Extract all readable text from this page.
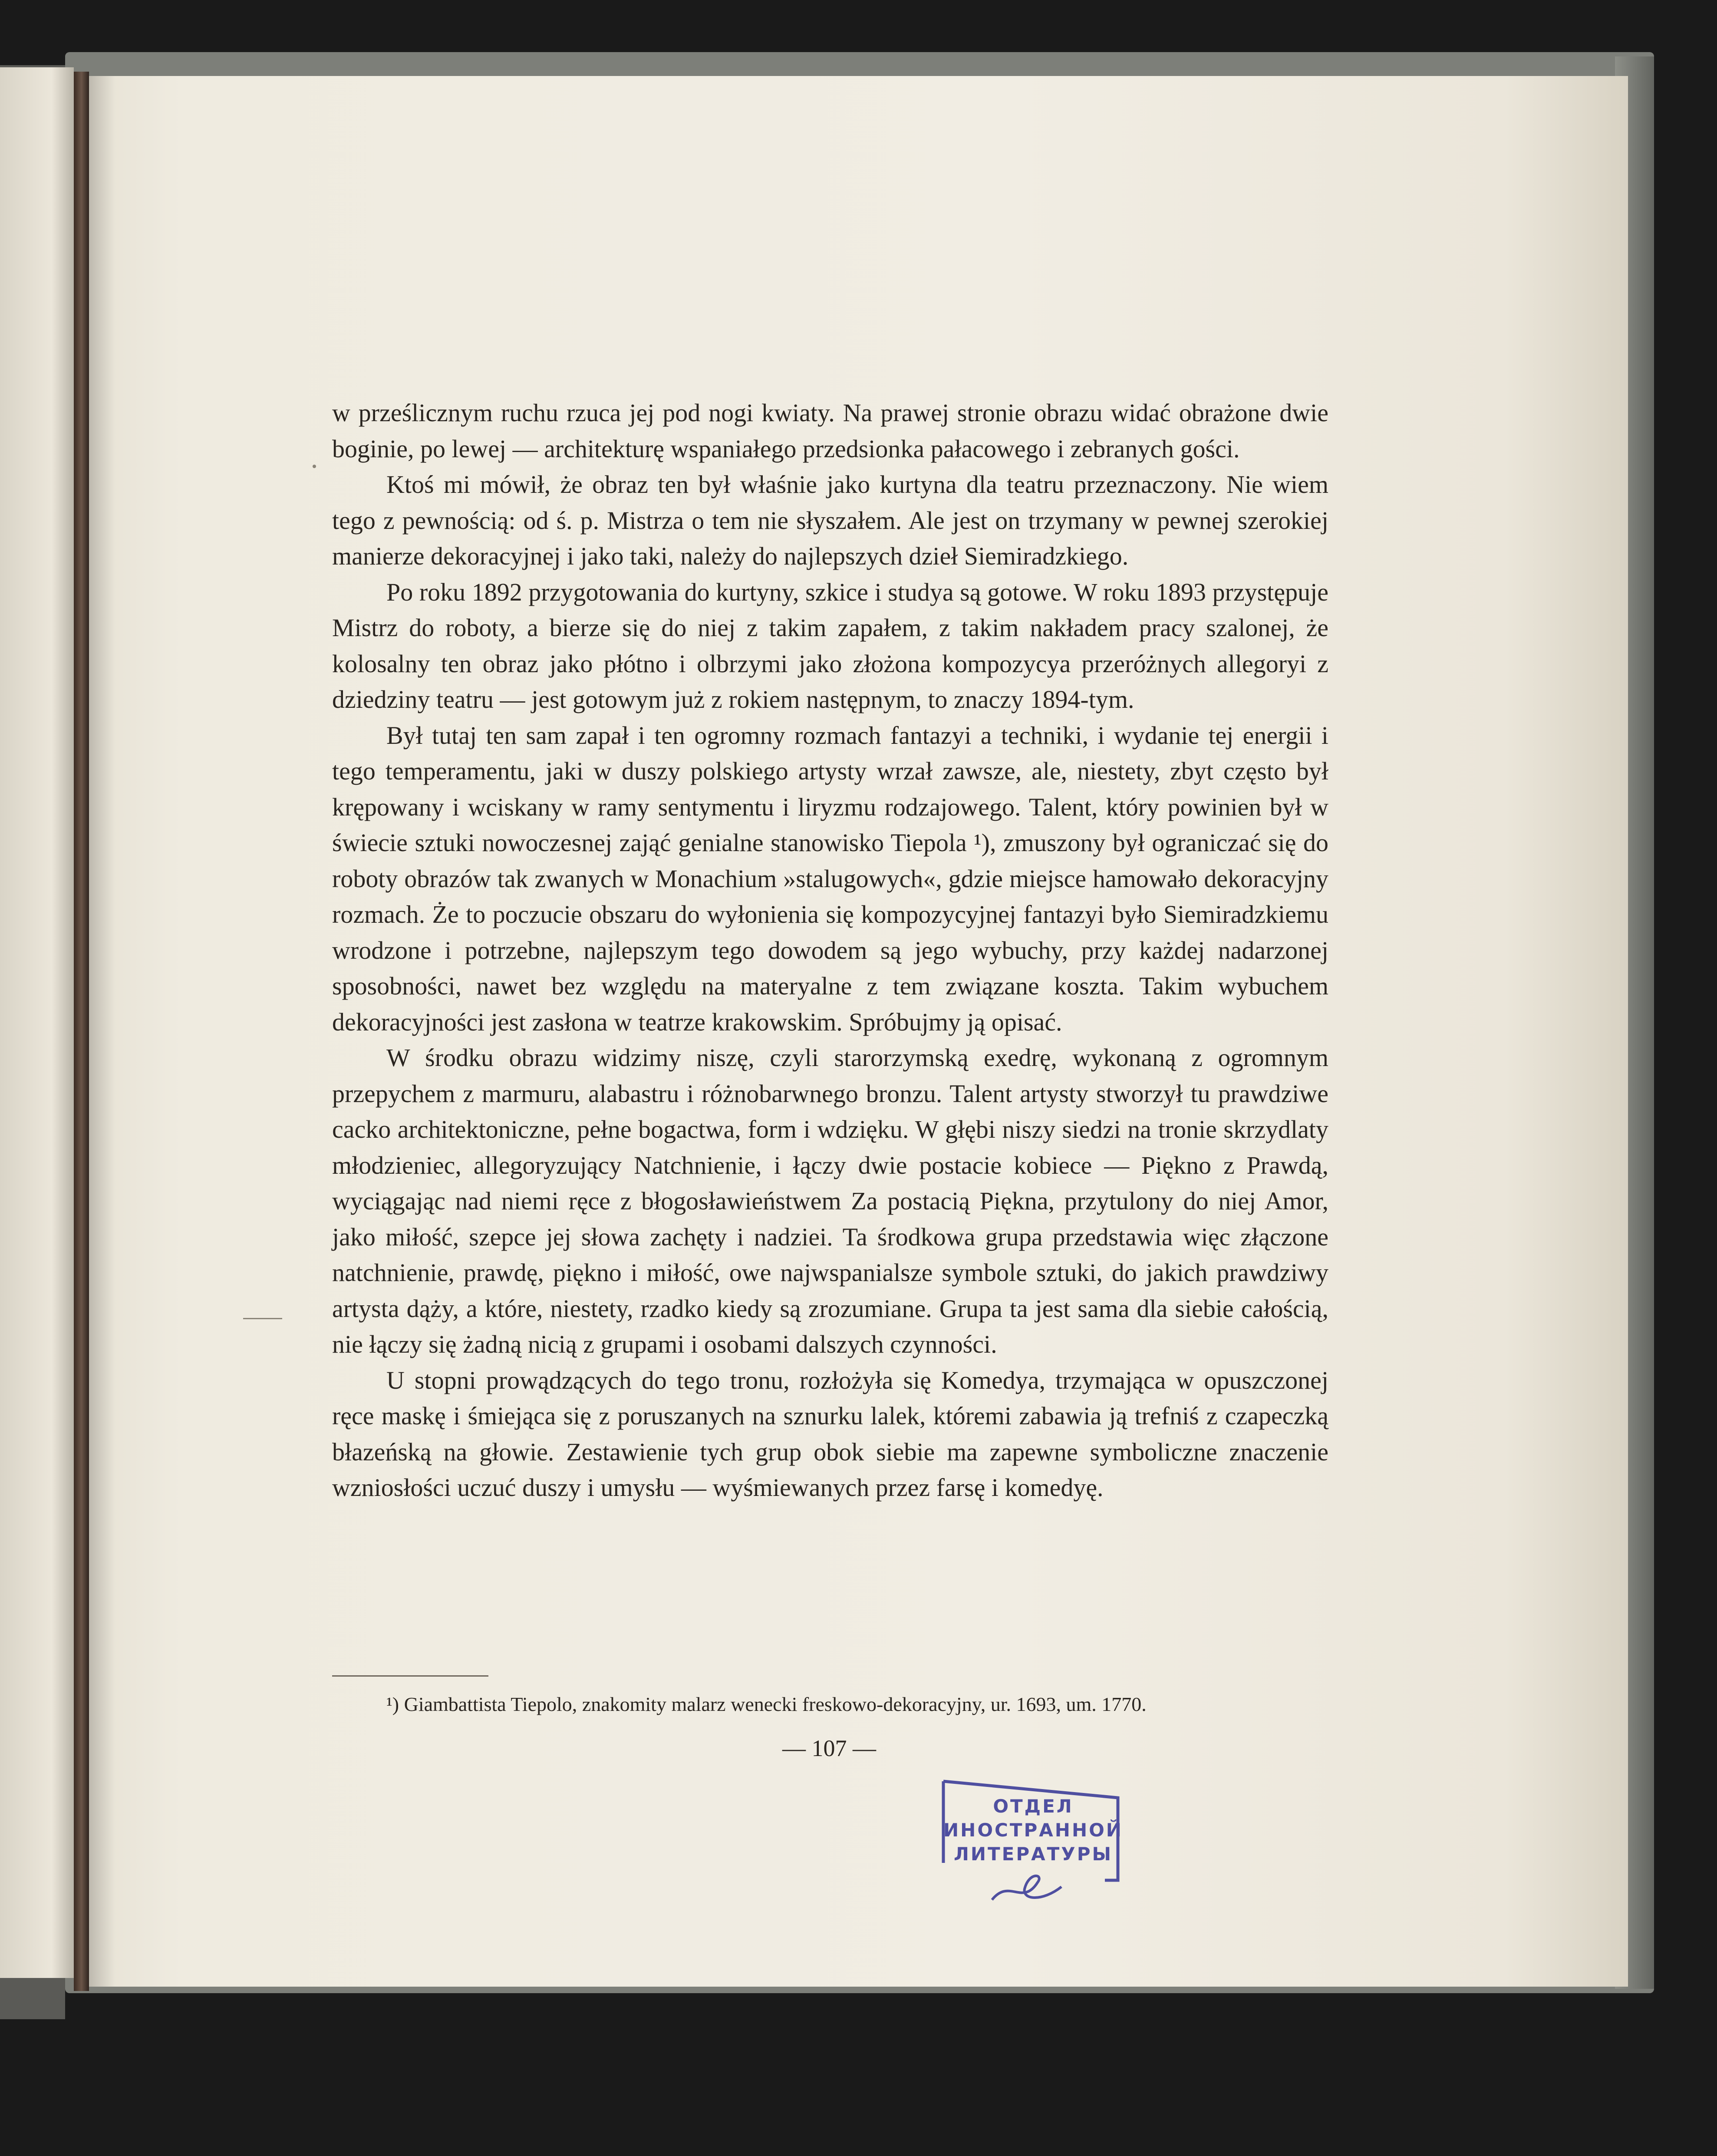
w prześlicznym ruchu rzuca jej pod nogi kwiaty. Na prawej stronie obrazu widać obrażone dwie boginie, po lewej — architekturę wspaniałego przedsionka pałacowego i zebranych gości.

Ktoś mi mówił, że obraz ten był właśnie jako kurtyna dla teatru przeznaczony. Nie wiem tego z pewnością: od ś. p. Mistrza o tem nie słyszałem. Ale jest on trzymany w pewnej szerokiej manierze dekoracyjnej i jako taki, należy do najlepszych dzieł Siemiradzkiego.

Po roku 1892 przygotowania do kurtyny, szkice i studya są gotowe. W roku 1893 przystępuje Mistrz do roboty, a bierze się do niej z takim zapałem, z takim nakładem pracy szalonej, że kolosalny ten obraz jako płótno i olbrzymi jako złożona kompozycya przeróżnych allegoryi z dziedziny teatru — jest gotowym już z rokiem następnym, to znaczy 1894-tym.

Był tutaj ten sam zapał i ten ogromny rozmach fantazyi a techniki, i wydanie tej energii i tego temperamentu, jaki w duszy polskiego artysty wrzał zawsze, ale, niestety, zbyt często był krępowany i wciskany w ramy sentymentu i liryzmu rodzajowego. Talent, który powinien był w świecie sztuki nowoczesnej zająć genialne stanowisko Tiepola ¹), zmuszony był ograniczać się do roboty obrazów tak zwanych w Monachium »stalugowych«, gdzie miejsce hamowało dekoracyjny rozmach. Że to poczucie obszaru do wyłonienia się kompozycyjnej fantazyi było Siemiradzkiemu wrodzone i potrzebne, najlepszym tego dowodem są jego wybuchy, przy każdej nadarzonej sposobności, nawet bez względu na materyalne z tem związane koszta. Takim wybuchem dekoracyjności jest zasłona w teatrze krakowskim. Spróbujmy ją opisać.

W środku obrazu widzimy niszę, czyli starorzymską exedrę, wykonaną z ogromnym przepychem z marmuru, alabastru i różnobarwnego bronzu. Talent artysty stworzył tu prawdziwe cacko architektoniczne, pełne bogactwa, form i wdzięku. W głębi niszy siedzi na tronie skrzydlaty młodzieniec, allegoryzujący Natchnienie, i łączy dwie postacie kobiece — Piękno z Prawdą, wyciągając nad niemi ręce z błogosławieństwem Za postacią Piękna, przytulony do niej Amor, jako miłość, szepce jej słowa zachęty i nadziei. Ta środkowa grupa przedstawia więc złączone natchnienie, prawdę, piękno i miłość, owe najwspanialsze symbole sztuki, do jakich prawdziwy artysta dąży, a które, niestety, rzadko kiedy są zrozumiane. Grupa ta jest sama dla siebie całością, nie łączy się żadną nicią z grupami i osobami dalszych czynności.

U stopni prowądzących do tego tronu, rozłożyła się Komedya, trzymająca w opuszczonej ręce maskę i śmiejąca się z poruszanych na sznurku lalek, któremi zabawia ją trefniś z czapeczką błazeńską na głowie. Zestawienie tych grup obok siebie ma zapewne symboliczne znaczenie wzniosłości uczuć duszy i umysłu — wyśmiewanych przez farsę i komedyę.

¹) Giambattista Tiepolo, znakomity malarz wenecki freskowo-dekoracyjny, ur. 1693, um. 1770.
— 107 —
ОТДЕЛ
ИНОСТРАННОЙ
ЛИТЕРАТУРЫ
